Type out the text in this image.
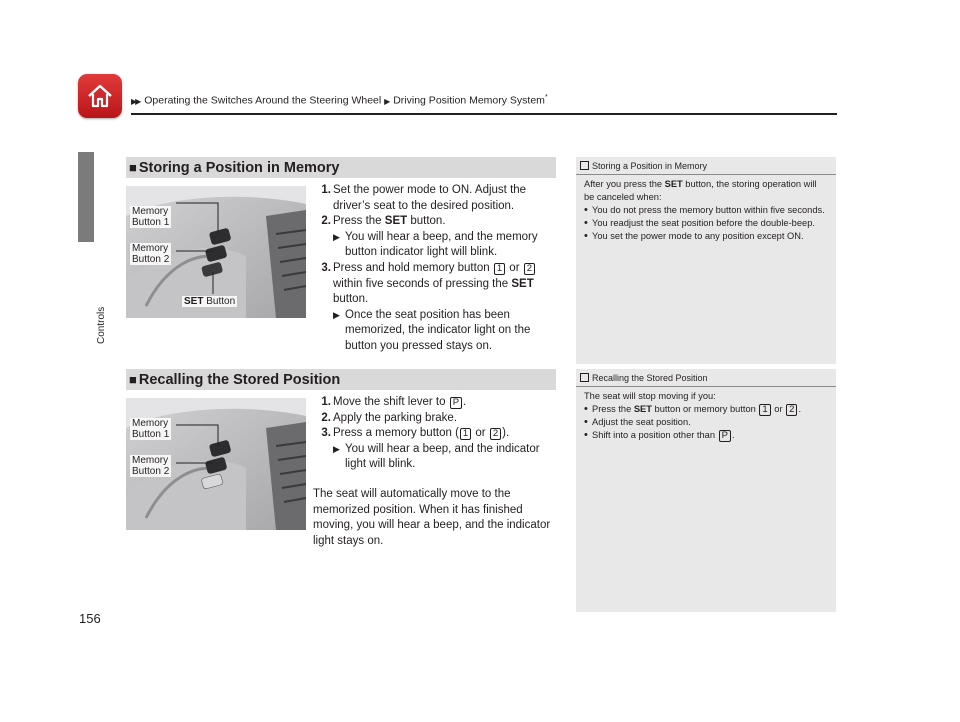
▶▶ Operating the Switches Around the Steering Wheel ▶ Driving Position Memory System*
Controls
■ Storing a Position in Memory
Memory
Button 1
Memory
Button 2
SET Button
1. Set the power mode to ON. Adjust the driver’s seat to the desired position.
2. Press the SET button.
▶ You will hear a beep, and the memory button indicator light will blink.
3. Press and hold memory button 1 or 2 within five seconds of pressing the SET button.
▶ Once the seat position has been memorized, the indicator light on the button you pressed stays on.
Storing a Position in Memory
After you press the SET button, the storing operation will be canceled when:
• You do not press the memory button within five seconds.
• You readjust the seat position before the double-beep.
• You set the power mode to any position except ON.
■ Recalling the Stored Position
Memory
Button 1
Memory
Button 2
1. Move the shift lever to P .
2. Apply the parking brake.
3. Press a memory button ( 1 or 2 ).
▶ You will hear a beep, and the indicator light will blink.

The seat will automatically move to the memorized position. When it has finished moving, you will hear a beep, and the indicator light stays on.

Recalling the Stored Position
The seat will stop moving if you:
• Press the SET button or memory button 1 or 2 .
• Adjust the seat position.
• Shift into a position other than P .
156
